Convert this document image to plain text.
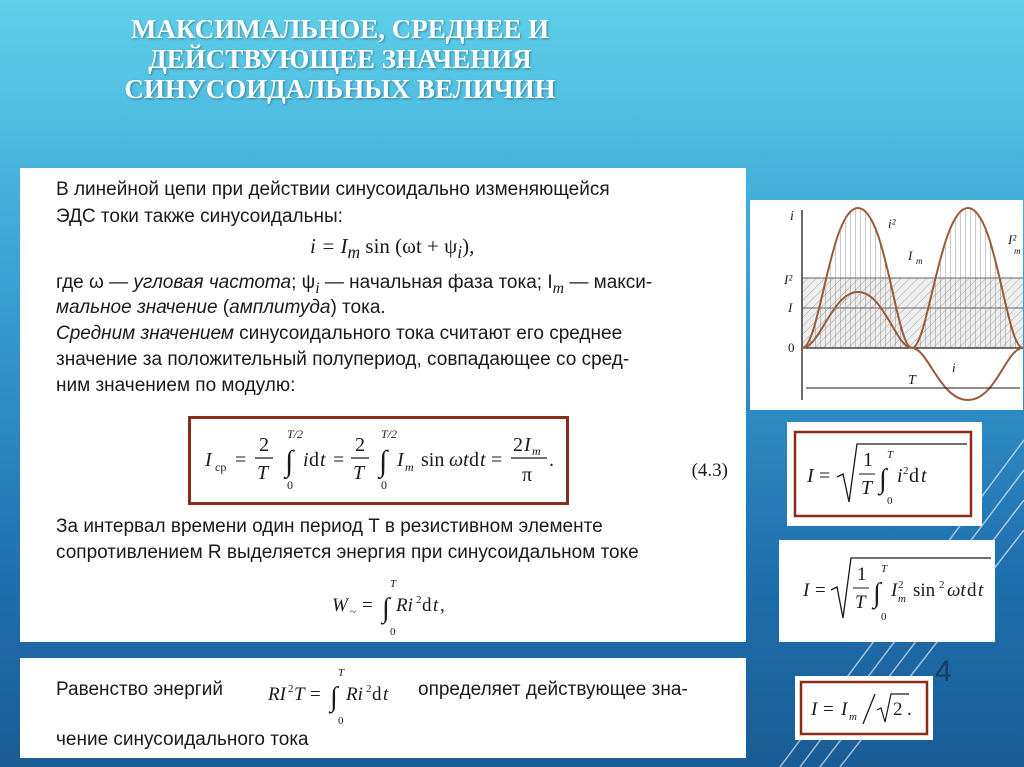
МАКСИМАЛЬНОЕ, СРЕДНЕЕ И ДЕЙСТВУЮЩЕЕ ЗНАЧЕНИЯ СИНУСОИДАЛЬНЫХ ВЕЛИЧИН
В линейной цепи при действии синусоидально изменяющейся
ЭДС токи также синусоидальны:
$i = I_m$ $\sin (\omega t + \psi_i)$,
где ω — угловая частота; $\psi_i$ — начальная фаза тока; $I_m$ — макси-
мальное значение (амплитуда) тока.
Средним значением синусоидального тока считают его среднее
значение за положительный полупериод, совпадающее со сред-
ним значением по модулю:
I ср =
2
T ∫
T/2
0
i d t =
2
T ∫
T/2
0
I m sin ωt d t =
2 I m
π
.	(4.3)
За интервал времени один период T в резистивном элементе
сопротивлением R выделяется энергия при синусоидальном токе
W ~ = ∫
T
0
Ri 2 d t ,
Равенство энергий RI 2 T = ∫
T
0
Ri 2 d t определяет действующее зна-
чение синусоидального тока
i	i²
I²
m
I m
I²
I
0
T
i
I =
1
T ∫
T
0
i 2 d t
I =
1
T ∫
T
0
I 2
m sin 2 ωt d t
I = I m 2 .
4
